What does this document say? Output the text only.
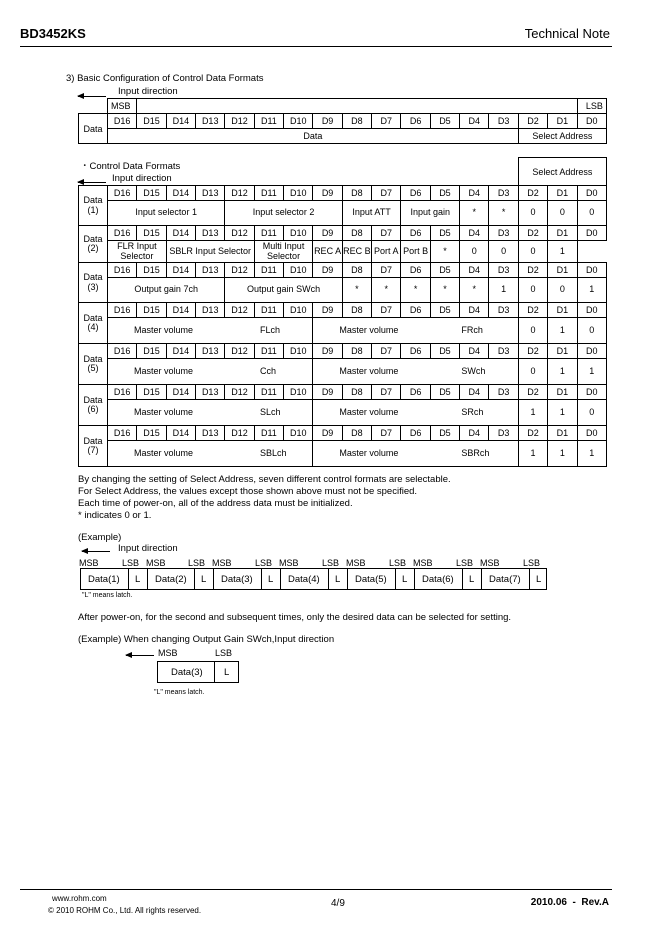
BD3452KS	Technical Note
3) Basic Configuration of Control Data Formats
Input direction
	MSB																LSB
Data	D16	D15	D14	D13	D12	D11	D10	D9	D8	D7	D6	D5	D4	D3	D2	D1	D0
	Data														Select Address		
・Control Data Formats
Input direction
															Select Address		
Data (1)	D16	D15	D14	D13	D12	D11	D10	D9	D8	D7	D6	D5	D4	D3	D2	D1	D0
	Input selector 1				Input selector 2				Input ATT		Input gain		*	*	0	0	0
Data (2)	D16	D15	D14	D13	D12	D11	D10	D9	D8	D7	D6	D5	D4	D3	D2	D1	D0
	FLR Input Selector		SBLR Input Selector			Multi Input Selector		REC A	REC B	Port A	Port B	*	0	0	0	1	
Data (3)	D16	D15	D14	D13	D12	D11	D10	D9	D8	D7	D6	D5	D4	D3	D2	D1	D0
	Output gain 7ch				Output gain SWch				*	*	*	*	*	1	0	0	1
Data (4)	D16	D15	D14	D13	D12	D11	D10	D9	D8	D7	D6	D5	D4	D3	D2	D1	D0

	Master volume FLch							Master volume FRch							0	1	0
Data (5)	D16	D15	D14	D13	D12	D11	D10	D9	D8	D7	D6	D5	D4	D3	D2	D1	D0

	Master volume Cch							Master volume SWch							0	1	1
Data (6)	D16	D15	D14	D13	D12	D11	D10	D9	D8	D7	D6	D5	D4	D3	D2	D1	D0

	Master volume SLch							Master volume SRch							1	1	0
Data (7)	D16	D15	D14	D13	D12	D11	D10	D9	D8	D7	D6	D5	D4	D3	D2	D1	D0

	Master volume SBLch							Master volume SBRch							1	1	1
By changing the setting of Select Address, seven different control formats are selectable.
For Select Address, the values except those shown above must not be specified.
Each time of power-on, all of the address data must be initialized.
* indicates 0 or 1.
(Example)
Input direction
MSB	LSB MSB LSB MSB	LSB MSB	LSB MSB	LSB MSB	LSB MSB	LSB
Data(1) L Data(2) L Data(3) L Data(4) L Data(5) L Data(6) L Data(7) L
"L" means latch.
After power-on, for the second and subsequent times, only the desired data can be selected for setting.
(Example) When changing Output Gain SWch,Input direction
MSB	LSB
Data(3) L
"L" means latch.
www.rohm.com
© 2010 ROHM Co., Ltd. All rights reserved.
4/9	2010.06  -  Rev.A
